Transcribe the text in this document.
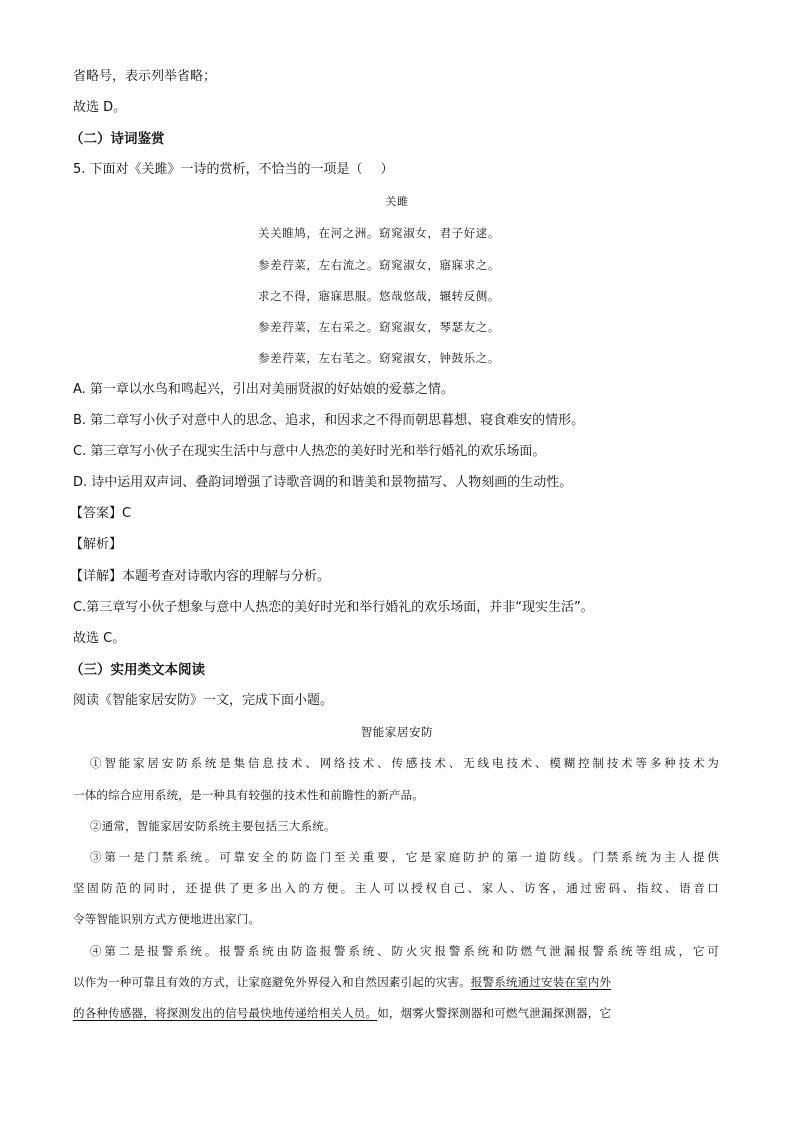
省略号，表示列举省略；
故选 D。
（二）诗词鉴赏
5. 下面对《关雎》一诗的赏析，不恰当的一项是（ ）
关雎
关关睢鸠，在河之洲。窈窕淑女，君子好逑。
参差荇菜，左右流之。窈窕淑女，寤寐求之。
求之不得，寤寐思服。悠哉悠哉，辗转反侧。
参差荇菜，左右采之。窈窕淑女，琴瑟友之。
参差荇菜，左右芼之。窈窕淑女，钟鼓乐之。
A. 第一章以水鸟和鸣起兴，引出对美丽贤淑的好姑娘的爱慕之情。
B. 第二章写小伙子对意中人的思念、追求，和因求之不得而朝思暮想、寝食难安的情形。
C. 第三章写小伙子在现实生活中与意中人热恋的美好时光和举行婚礼的欢乐场面。
D. 诗中运用双声词、叠韵词增强了诗歌音调的和谐美和景物描写、人物刻画的生动性。
【答案】C
【解析】
【详解】本题考查对诗歌内容的理解与分析。
C.第三章写小伙子想象与意中人热恋的美好时光和举行婚礼的欢乐场面，并非“现实生活”。
故选 C。
（三）实用类文本阅读
阅读《智能家居安防》一文，完成下面小题。
智能家居安防
①智能家居安防系统是集信息技术、网络技术、传感技术、无线电技术、模糊控制技术等多种技术为
一体的综合应用系统，是一种具有较强的技术性和前瞻性的新产品。
②通常，智能家居安防系统主要包括三大系统。
③第一是门禁系统。可靠安全的防盗门至关重要，它是家庭防护的第一道防线。门禁系统为主人提供
坚固防范的同时，还提供了更多出入的方便。主人可以授权自己、家人、访客，通过密码、指纹、语音口
令等智能识别方式方便地进出家门。
④第二是报警系统。报警系统由防盗报警系统、防火灾报警系统和防燃气泄漏报警系统等组成，它可
以作为一种可靠且有效的方式，让家庭避免外界侵入和自然因素引起的灾害。报警系统通过安装在室内外
的各种传感器，将探测发出的信号最快地传递给相关人员。如，烟雾火警探测器和可燃气泄漏探测器，它
